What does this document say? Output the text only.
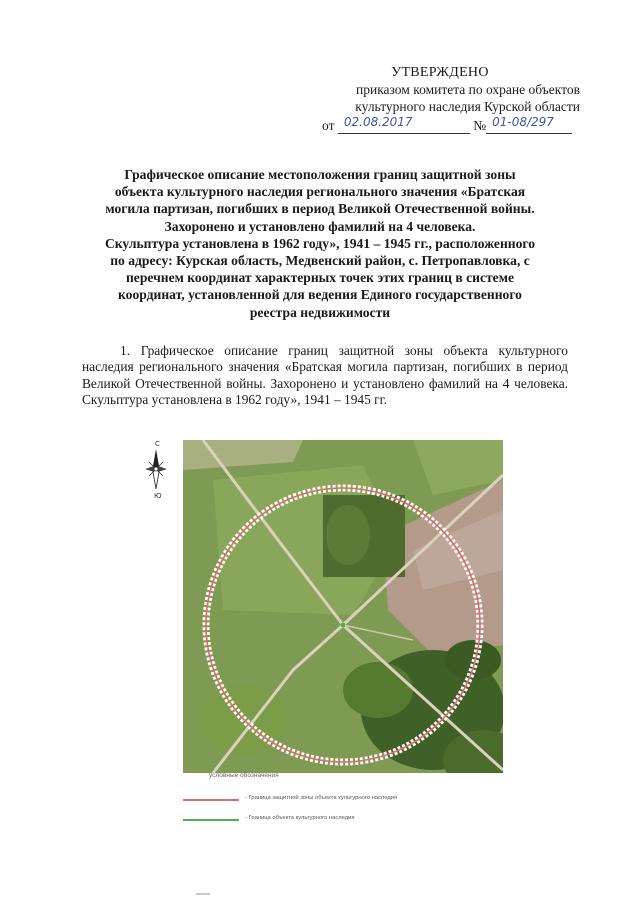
УТВЕРЖДЕНО
приказом комитета по охране объектов
культурного наследия Курской области
от 02.08.2017	№ 01-08/297
Графическое описание местоположения границ защитной зоны
объекта культурного наследия регионального значения «Братская
могила партизан, погибших в период Великой Отечественной войны.
Захоронено и установлено фамилий на 4 человека.
Скульптура установлена в 1962 году», 1941 – 1945 гг., расположенного
по адресу: Курская область, Медвенский район, с. Петропавловка, с
перечнем координат характерных точек этих границ в системе
координат, установленной для ведения Единого государственного
реестра недвижимости

1. Графическое описание границ защитной зоны объекта культурного наследия регионального значения «Братская могила партизан, погибших в период Великой Отечественной войны. Захоронено и установлено фамилий на 4 человека. Скульптура установлена в 1962 году», 1941 – 1945 гг.

С
Ю
условные обозначения
- Граница защитной зоны объекта культурного наследия
- Граница объекта культурного наследия
